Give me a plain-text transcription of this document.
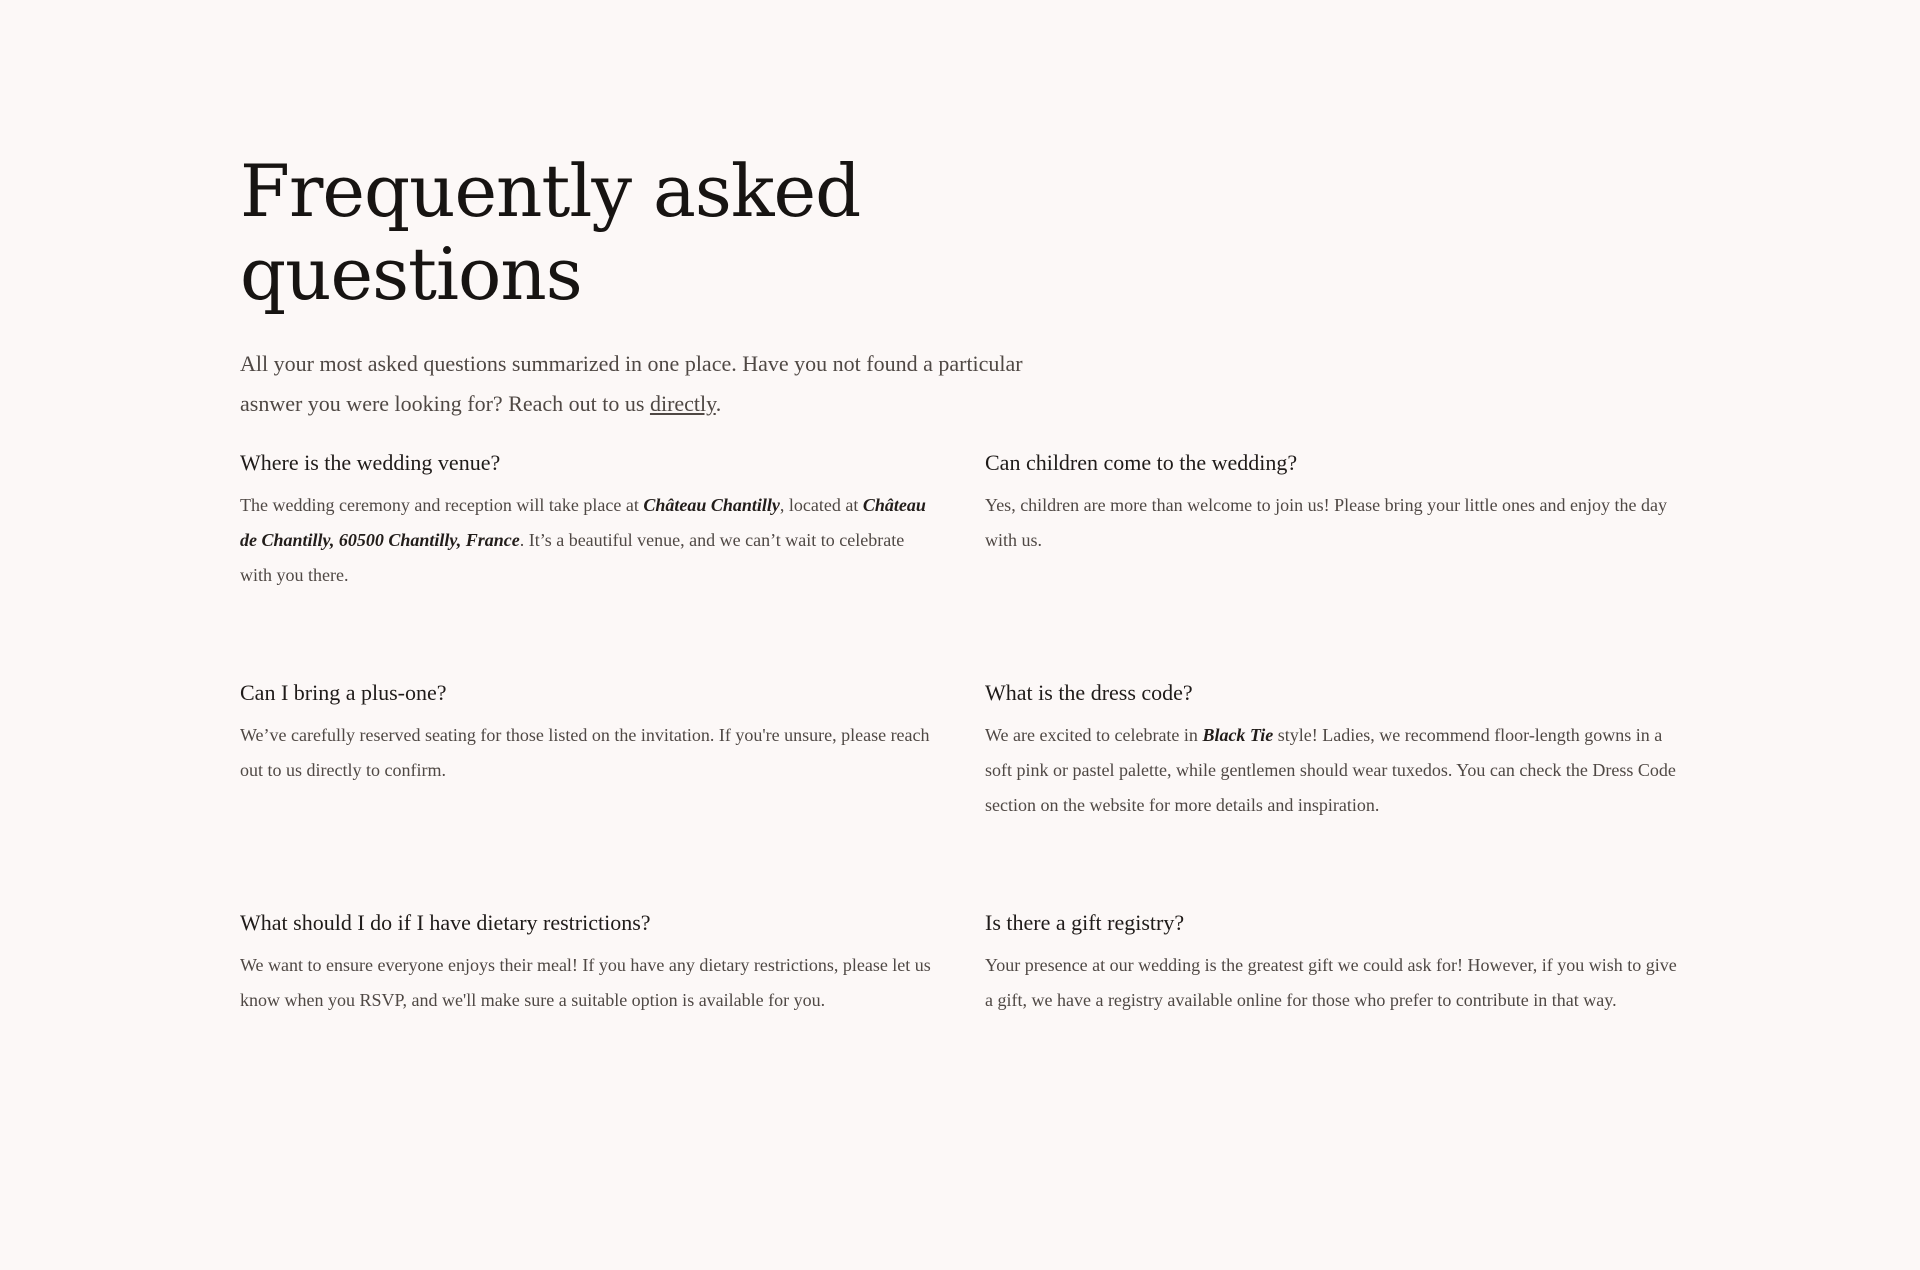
Frequently asked questions

All your most asked questions summarized in one place. Have you not found a particular asnwer you were looking for? Reach out to us directly.

Where is the wedding venue?

The wedding ceremony and reception will take place at Château Chantilly, located at Château de Chantilly, 60500 Chantilly, France. It’s a beautiful venue, and we can’t wait to celebrate with you there.

Can children come to the wedding?

Yes, children are more than welcome to join us! Please bring your little ones and enjoy the day with us.

Can I bring a plus-one?

We’ve carefully reserved seating for those listed on the invitation. If you're unsure, please reach out to us directly to confirm.

What is the dress code?

We are excited to celebrate in Black Tie style! Ladies, we recommend floor-length gowns in a soft pink or pastel palette, while gentlemen should wear tuxedos. You can check the Dress Code section on the website for more details and inspiration.

What should I do if I have dietary restrictions?

We want to ensure everyone enjoys their meal! If you have any dietary restrictions, please let us know when you RSVP, and we'll make sure a suitable option is available for you.

Is there a gift registry?

Your presence at our wedding is the greatest gift we could ask for! However, if you wish to give a gift, we have a registry available online for those who prefer to contribute in that way.
